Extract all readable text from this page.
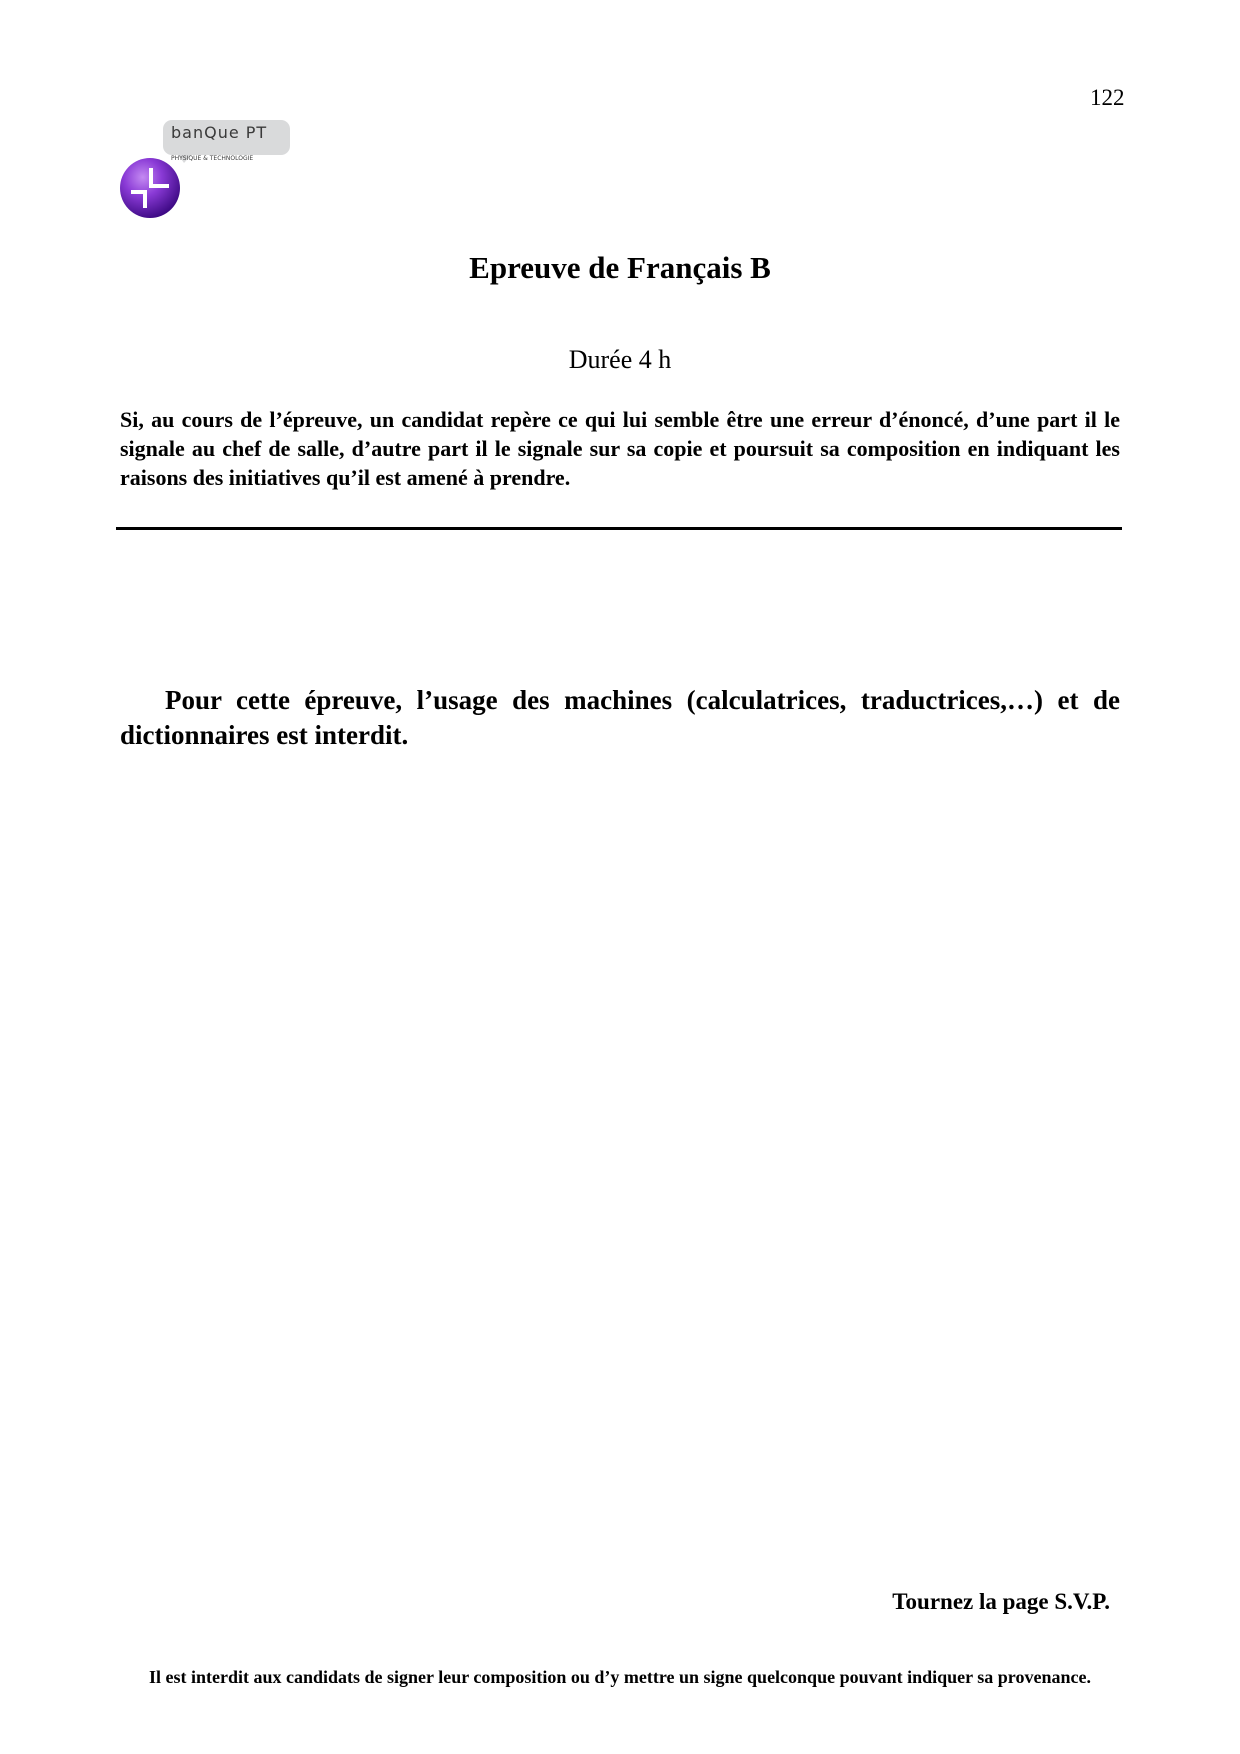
122
banQue PT
PHYSIQUE & TECHNOLOGIE
Epreuve de Français B
Durée 4 h
Si, au cours de l’épreuve, un candidat repère ce qui lui semble être une erreur d’énoncé, d’une part il le signale au chef de salle, d’autre part il le signale sur sa copie et poursuit sa composition en indiquant les raisons des initiatives qu’il est amené à prendre.
Pour cette épreuve, l’usage des machines (calculatrices, traductrices,…) et de dictionnaires est interdit.
Tournez la page S.V.P.
Il est interdit aux candidats de signer leur composition ou d’y mettre un signe quelconque pouvant indiquer sa provenance.
